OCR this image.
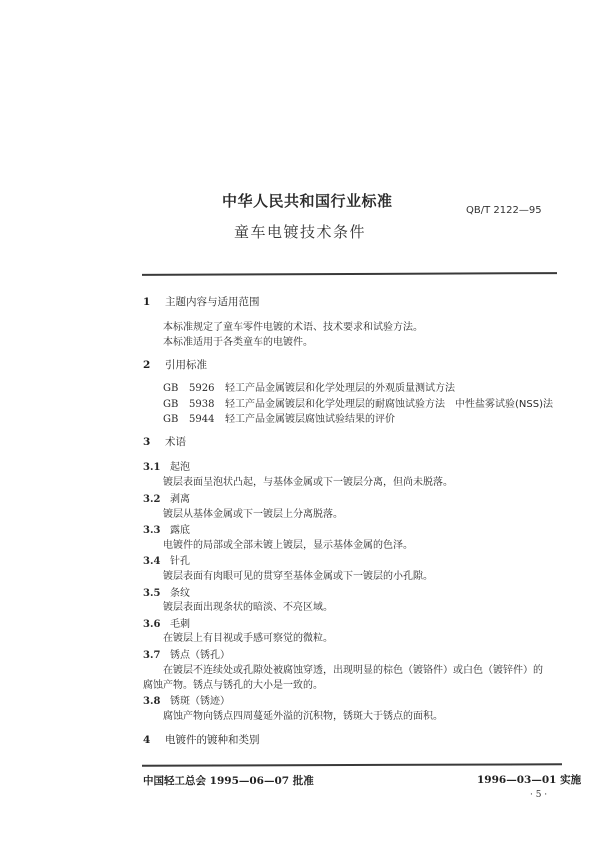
中华人民共和国行业标准
QB/T 2122—95
童车电镀技术条件
1 主题内容与适用范围
本标准规定了童车零件电镀的术语、技术要求和试验方法。
本标准适用于各类童车的电镀件。
2 引用标准
GB 5926 轻工产品金属镀层和化学处理层的外观质量测试方法
GB 5938 轻工产品金属镀层和化学处理层的耐腐蚀试验方法　中性盐雾试验(NSS)法
GB 5944 轻工产品金属镀层腐蚀试验结果的评价
3 术语
3.1 起泡
镀层表面呈泡状凸起，与基体金属或下一镀层分离，但尚未脱落。
3.2 剥离
镀层从基体金属或下一镀层上分离脱落。
3.3 露底
电镀件的局部或全部未镀上镀层，显示基体金属的色泽。
3.4 针孔
镀层表面有肉眼可见的贯穿至基体金属或下一镀层的小孔隙。
3.5 条纹
镀层表面出现条状的暗淡、不亮区域。
3.6 毛刺
在镀层上有目视或手感可察觉的微粒。
3.7 锈点（锈孔）
在镀层不连续处或孔隙处被腐蚀穿透，出现明显的棕色（镀铬件）或白色（镀锌件）的
腐蚀产物。锈点与锈孔的大小是一致的。
3.8 锈斑（锈迹）
腐蚀产物向锈点四周蔓延外溢的沉积物，锈斑大于锈点的面积。
4 电镀件的镀种和类别
中国轻工总会 1995—06—07 批准	1996—03—01 实施
· 5 ·
